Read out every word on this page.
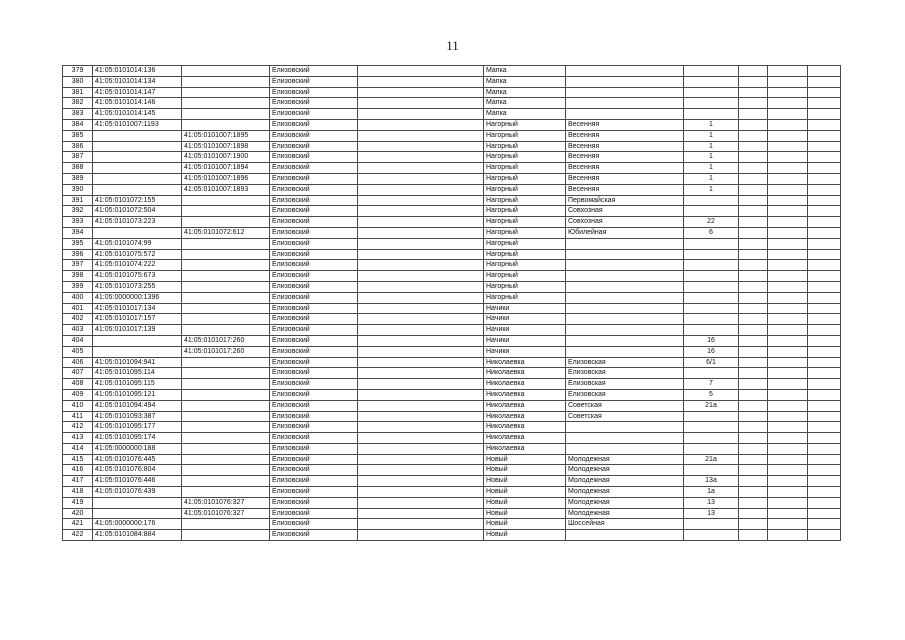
11
379	41:05:0101014:136		Елизовский		Мапка					
380	41:05:0101014:134		Елизовский		Мапка					
381	41:05:0101014:147		Елизовский		Мапка					
382	41:05:0101014:146		Елизовский		Мапка					
383	41:05:0101014:145		Елизовский		Мапка					
384	41:05:0101007:1193		Елизовский		Нагорный	Весенняя	1			
385		41:05:0101007:1895	Елизовский		Нагорный	Весенняя	1			
386		41:05:0101007:1898	Елизовский		Нагорный	Весенняя	1			
387		41:05:0101007:1900	Елизовский		Нагорный	Весенняя	1			
388		41:05:0101007:1894	Елизовский		Нагорный	Весенняя	1			
389		41:05:0101007:1896	Елизовский		Нагорный	Весенняя	1			
390		41:05:0101007:1893	Елизовский		Нагорный	Весенняя	1			
391	41:05:0101072:155		Елизовский		Нагорный	Первомайская				
392	41:05:0101072:504		Елизовский		Нагорный	Совхозная				
393	41:05:0101073:223		Елизовский		Нагорный	Совхозная	22			
394		41:05:0101072:612	Елизовский		Нагорный	Юбилейная	6			
395	41:05:0101074:99		Елизовский		Нагорный					
396	41:05:0101075:572		Елизовский		Нагорный					
397	41:05:0101074:222		Елизовский		Нагорный					
398	41:05:0101075:673		Елизовский		Нагорный					
399	41:05:0101073:255		Елизовский		Нагорный					
400	41:05:0000000:1396		Елизовский		Нагорный					
401	41:05:0101017:134		Елизовский		Начики					
402	41:05:0101017:157		Елизовский		Начики					
403	41:05:0101017:139		Елизовский		Начики					
404		41:05:0101017:260	Елизовский		Начики		16			
405		41:05:0101017:260	Елизовский		Начики		16			
406	41:05:0101094:941		Елизовский		Николаевка	Елизовская	6/1			
407	41:05:0101095:114		Елизовский		Николаевка	Елизовская				
408	41:05:0101095:115		Елизовский		Николаевка	Елизовская	7			
409	41:05:0101095:121		Елизовский		Николаевка	Елизовская	5			
410	41:05:0101094:494		Елизовский		Николаевка	Советская	21а			
411	41:05:0101093:387		Елизовский		Николаевка	Советская				
412	41:05:0101095:177		Елизовский		Николаевка					
413	41:05:0101095:174		Елизовский		Николаевка					
414	41:05:0000000:188		Елизовский		Николаевка					
415	41:05:0101076:445		Елизовский		Новый	Молодежная	21а			
416	41:05:0101076:804		Елизовский		Новый	Молодежная				
417	41:05:0101076:446		Елизовский		Новый	Молодежная	13а			
418	41:05:0101076:439		Елизовский		Новый	Молодежная	1а			
419		41:05:0101076:327	Елизовский		Новый	Молодежная	13			
420		41:05:0101076:327	Елизовский		Новый	Молодежная	13			
421	41:05:0000000:176		Елизовский		Новый	Шоссейная				
422	41:05:0101084:884		Елизовский		Новый					
